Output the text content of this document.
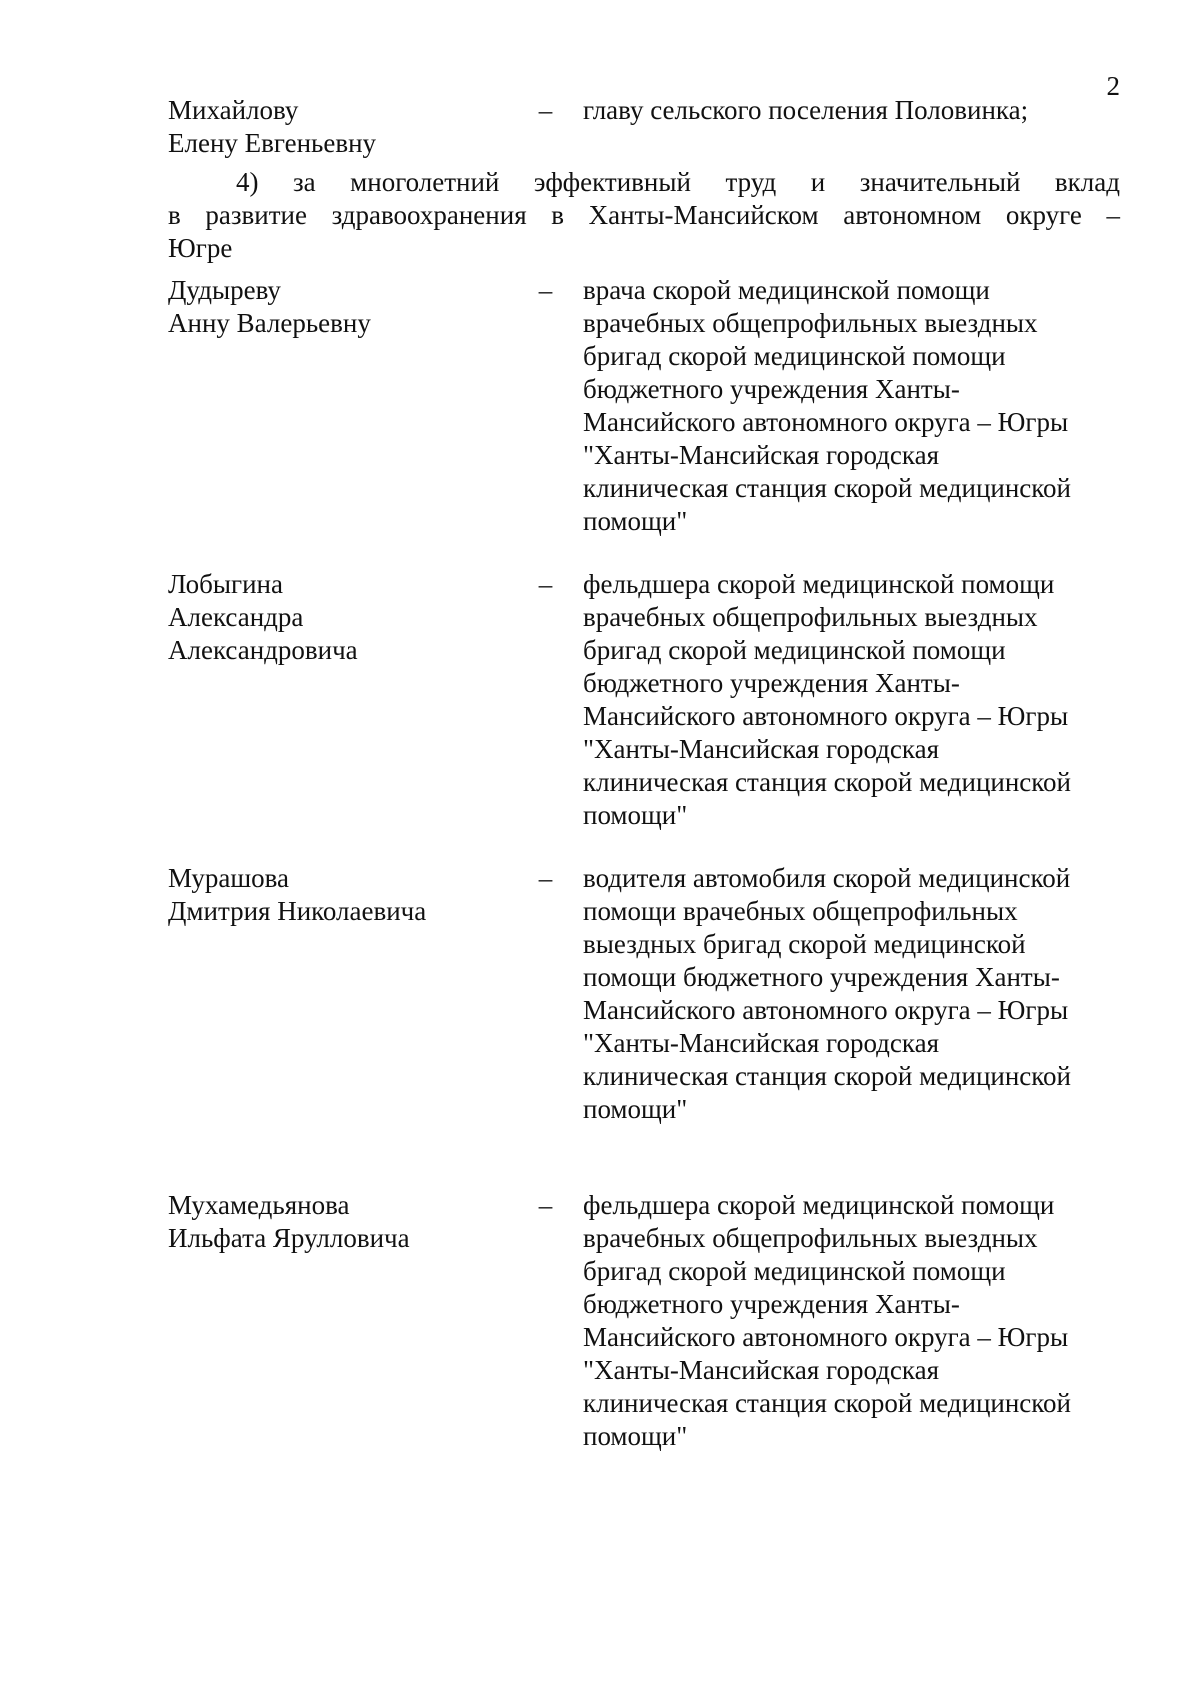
2
Михайлову
Елену Евгеньевну
– главу сельского поселения Половинка;
4) за многолетний эффективный труд и значительный вклад
в развитие здравоохранения в Ханты-Мансийском автономном округе –
Югре
Дудыреву
Анну Валерьевну
– врача скорой медицинской помощи
врачебных общепрофильных выездных
бригад скорой медицинской помощи
бюджетного учреждения Ханты-
Мансийского автономного округа – Югры
"Ханты-Мансийская городская
клиническая станция скорой медицинской
помощи"
Лобыгина
Александра
Александровича
– фельдшера скорой медицинской помощи
врачебных общепрофильных выездных
бригад скорой медицинской помощи
бюджетного учреждения Ханты-
Мансийского автономного округа – Югры
"Ханты-Мансийская городская
клиническая станция скорой медицинской
помощи"
Мурашова
Дмитрия Николаевича
– водителя автомобиля скорой медицинской
помощи врачебных общепрофильных
выездных бригад скорой медицинской
помощи бюджетного учреждения Ханты-
Мансийского автономного округа – Югры
"Ханты-Мансийская городская
клиническая станция скорой медицинской
помощи"
Мухамедьянова
Ильфата Ярулловича
– фельдшера скорой медицинской помощи
врачебных общепрофильных выездных
бригад скорой медицинской помощи
бюджетного учреждения Ханты-
Мансийского автономного округа – Югры
"Ханты-Мансийская городская
клиническая станция скорой медицинской
помощи"
